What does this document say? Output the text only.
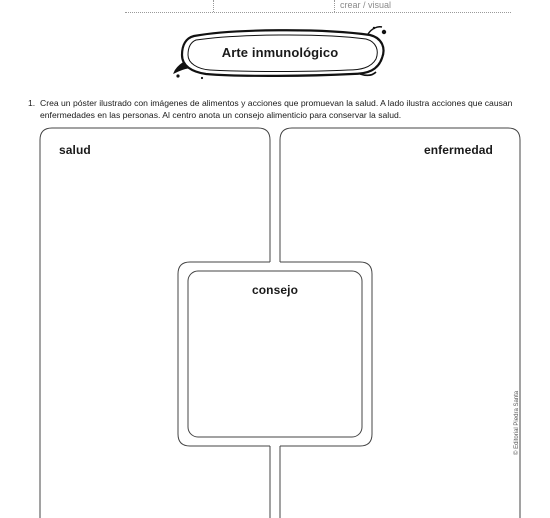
crear / visual
Arte inmunológico
1. Crea un póster ilustrado con imágenes de alimentos y acciones que promuevan la salud. A lado ilustra acciones que causan enfermedades en las personas. Al centro anota un consejo alimenticio para conservar la salud.
salud	enfermedad
consejo
© Editorial Piedra Santa
